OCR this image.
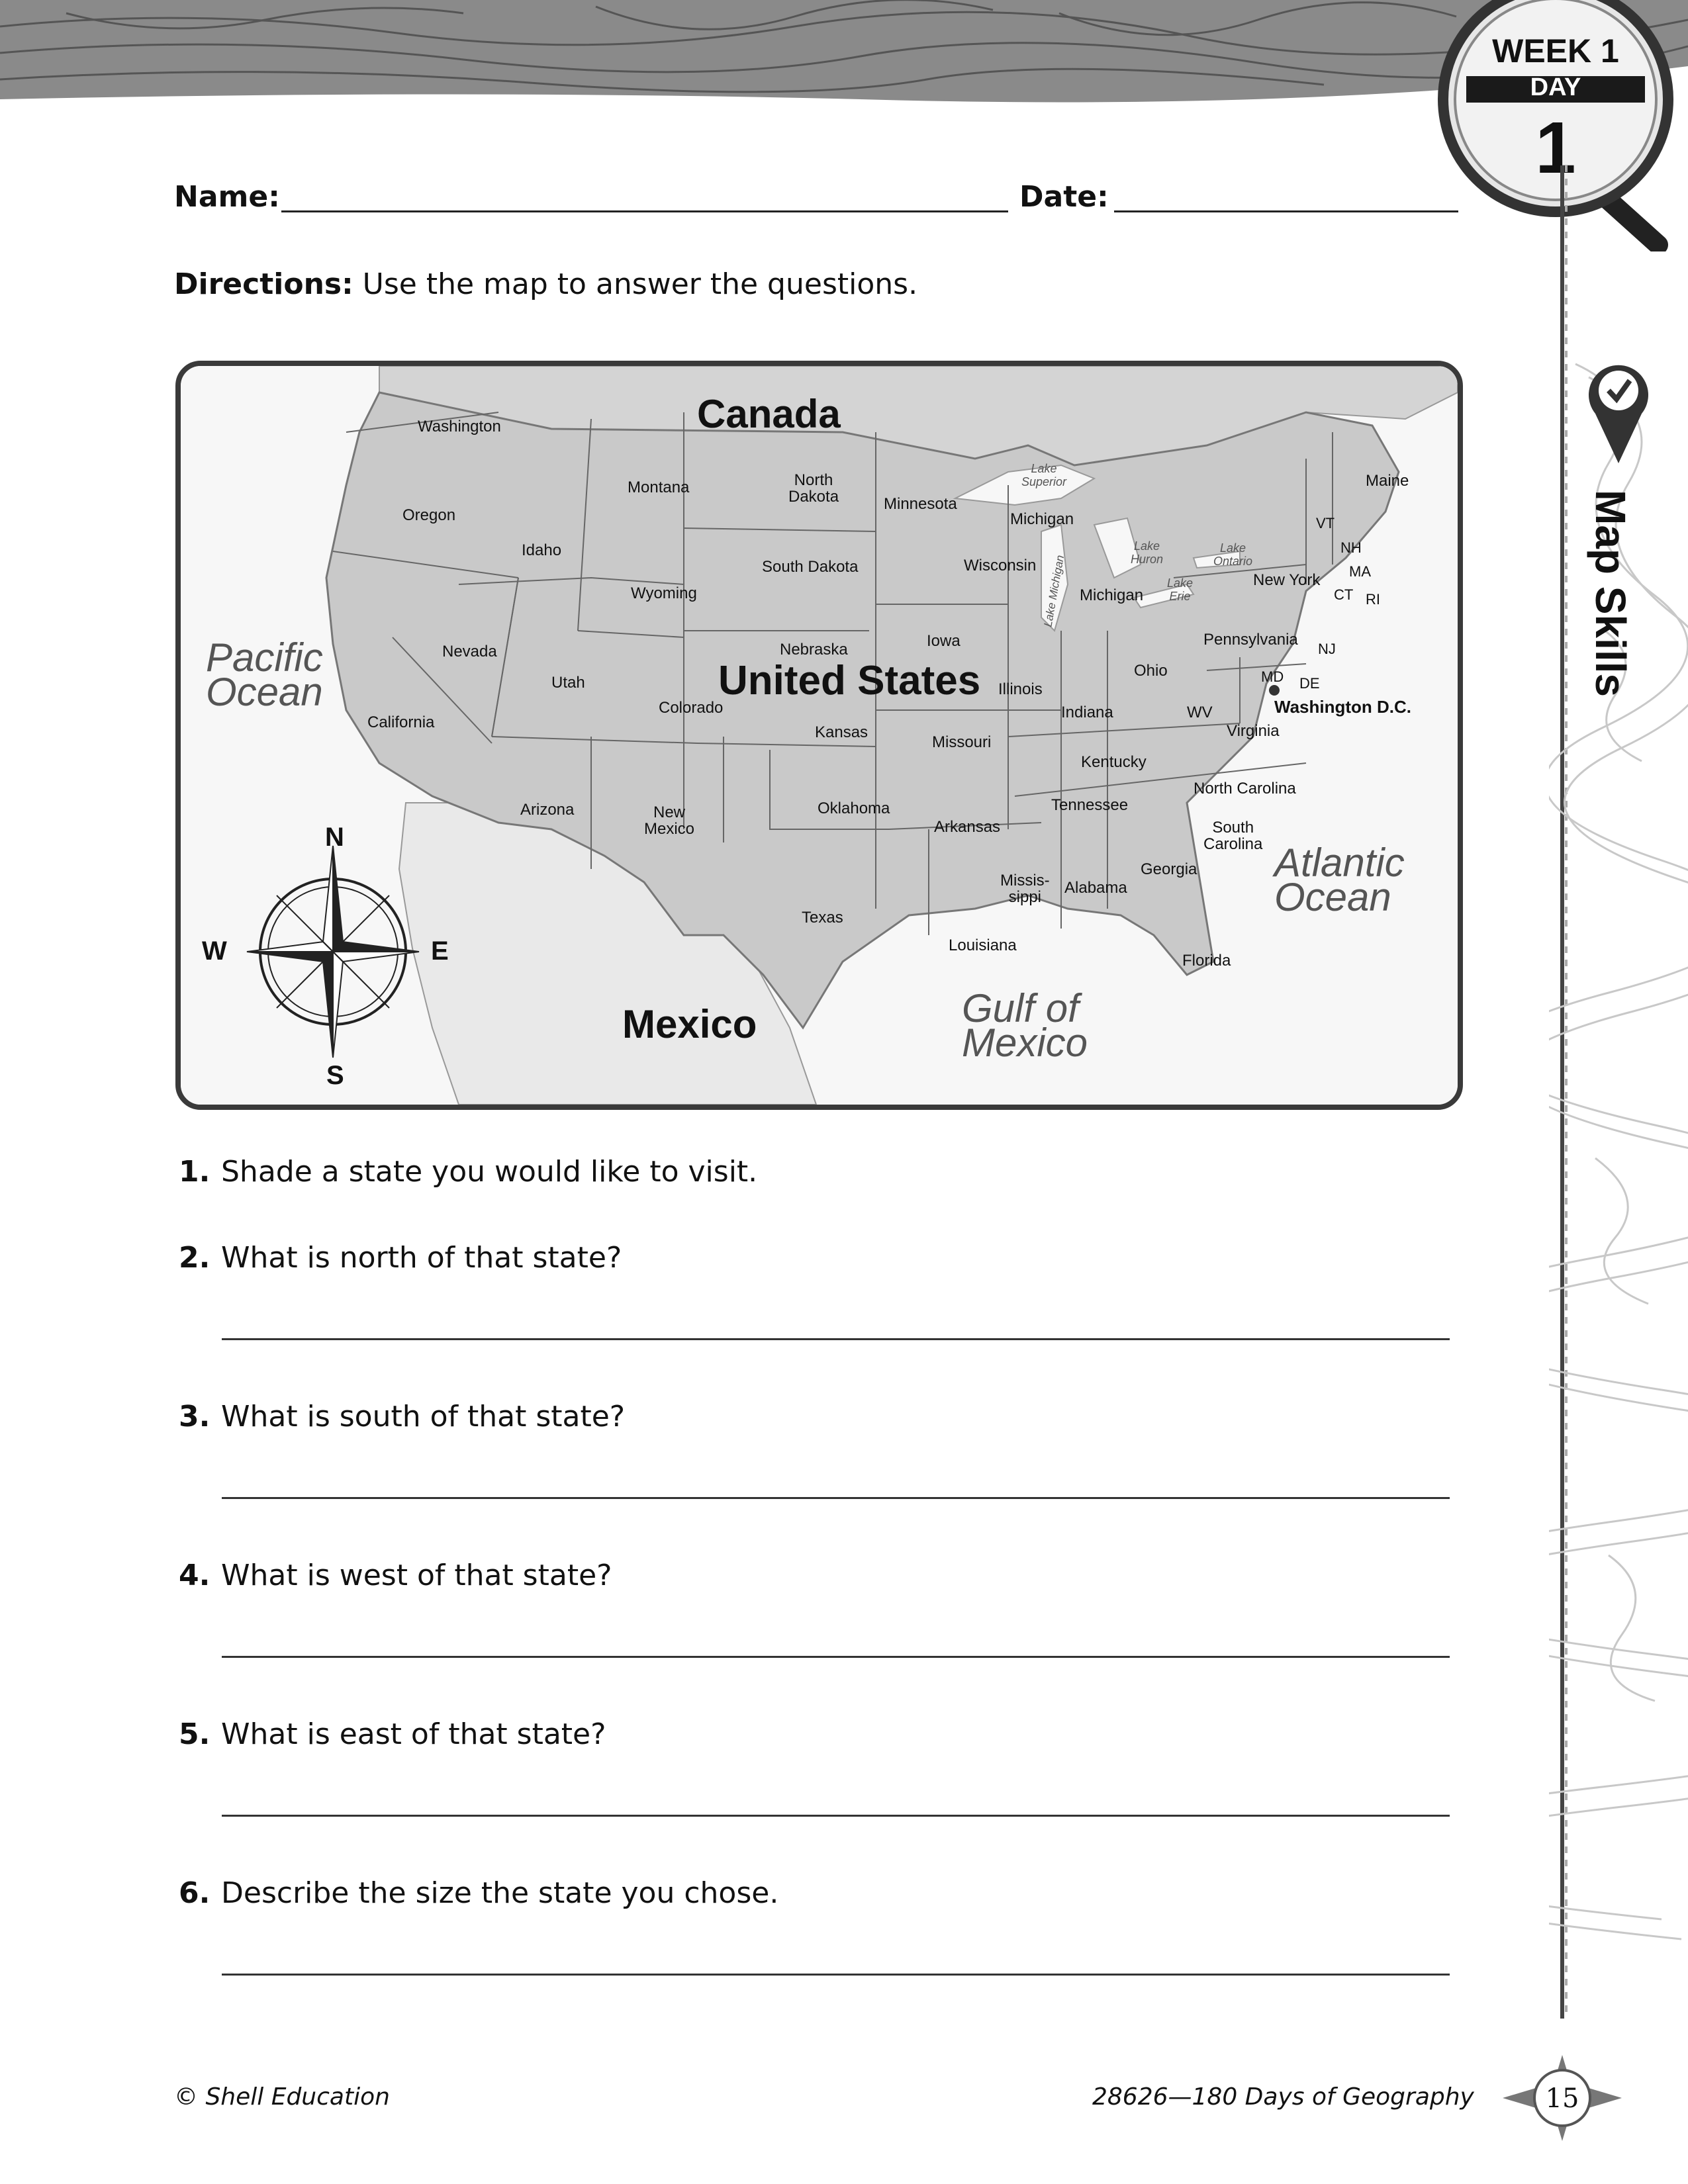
WEEK 1
DAY
1
Map Skills
Name:	Date:
Directions: Use the map to answer the questions.
Canada
United States
Mexico
Pacific
Ocean
Atlantic
Ocean
Gulf of
Mexico
Lake
Superior
Lake
Huron
Lake
Ontario
Lake
Erie
Lake Michigan
Washington
Oregon
California
Idaho
Nevada
Montana
Wyoming
Utah
Arizona
Colorado
New
Mexico
North
Dakota
South Dakota
Nebraska
Kansas
Oklahoma
Texas
Minnesota
Iowa
Missouri
Arkansas
Louisiana
Wisconsin
Michigan
Michigan
Illinois
Indiana
Ohio
Kentucky
Tennessee
Missis-
sippi
Alabama
Georgia
Florida
South
Carolina
North Carolina
Virginia
WV
Pennsylvania
New York
VT
NH
MA
CT RI
NJ
MD DE
Maine
Washington D.C.
N
S
W	E
1. Shade a state you would like to visit.
2. What is north of that state?
3. What is south of that state?
4. What is west of that state?
5. What is east of that state?
6. Describe the size the state you chose.
© Shell Education	28626—180 Days of Geography	15
